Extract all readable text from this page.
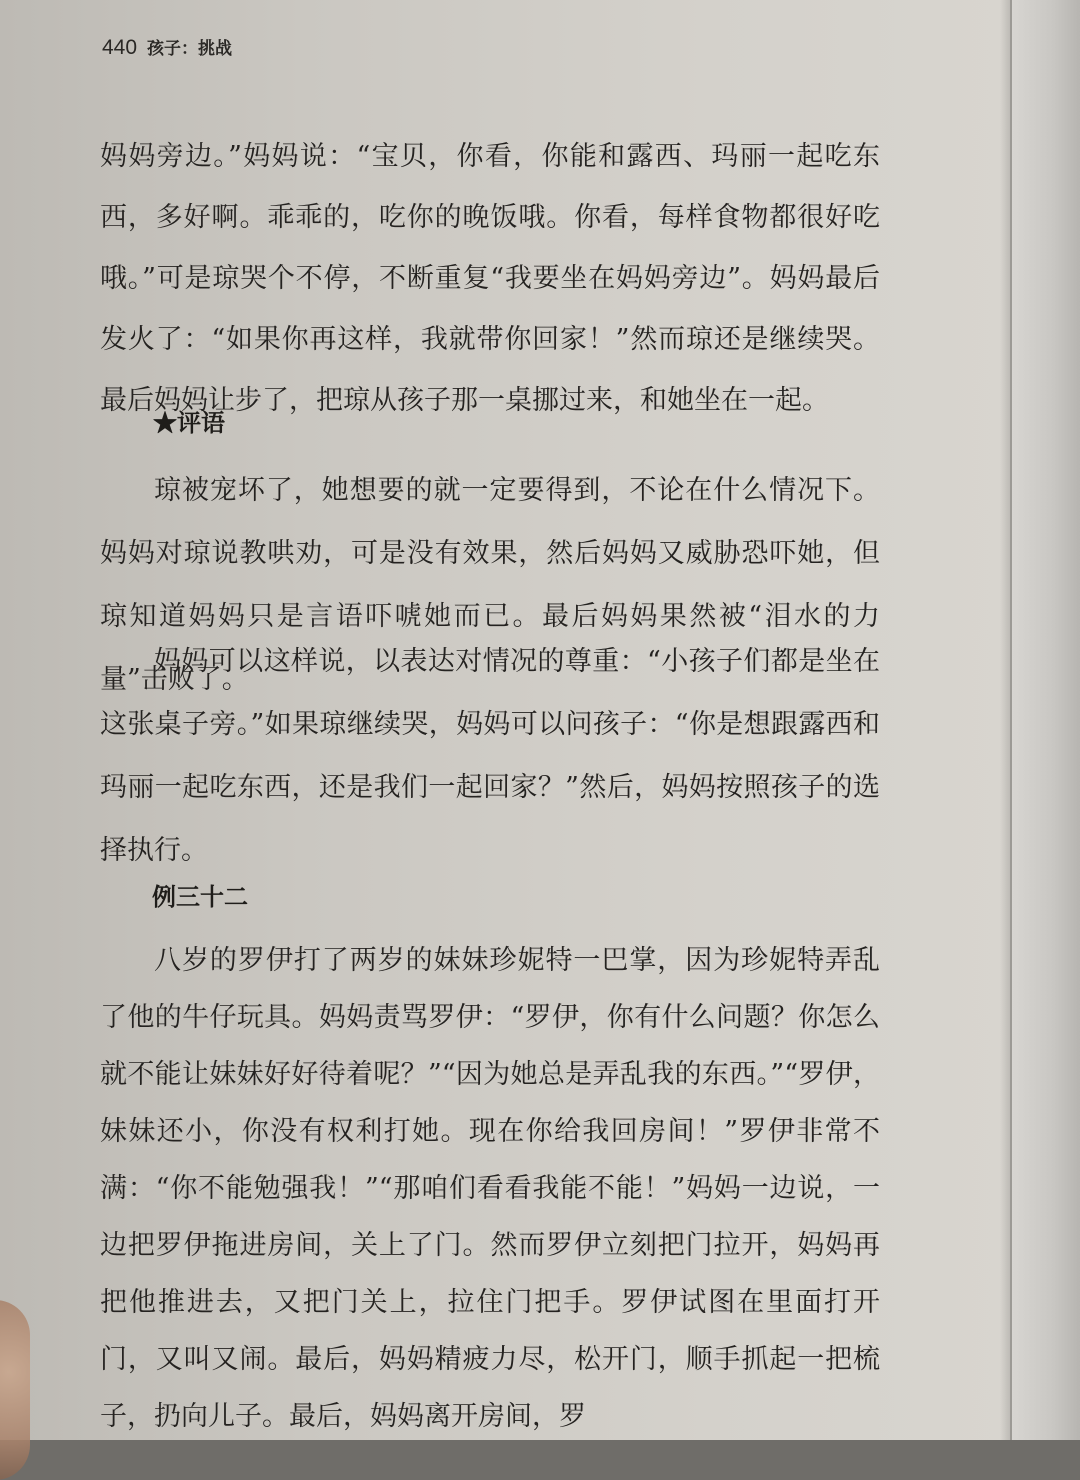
440 孩子：挑战

妈妈旁边。”妈妈说：“宝贝，你看，你能和露西、玛丽一起吃东西，多好啊。乖乖的，吃你的晚饭哦。你看，每样食物都很好吃哦。”可是琼哭个不停，不断重复“我要坐在妈妈旁边”。妈妈最后发火了：“如果你再这样，我就带你回家！”然而琼还是继续哭。最后妈妈让步了，把琼从孩子那一桌挪过来，和她坐在一起。

★评语

琼被宠坏了，她想要的就一定要得到，不论在什么情况下。妈妈对琼说教哄劝，可是没有效果，然后妈妈又威胁恐吓她，但琼知道妈妈只是言语吓唬她而已。最后妈妈果然被“泪水的力量”击败了。

妈妈可以这样说，以表达对情况的尊重：“小孩子们都是坐在这张桌子旁。”如果琼继续哭，妈妈可以问孩子：“你是想跟露西和玛丽一起吃东西，还是我们一起回家？”然后，妈妈按照孩子的选择执行。

例三十二

八岁的罗伊打了两岁的妹妹珍妮特一巴掌，因为珍妮特弄乱了他的牛仔玩具。妈妈责骂罗伊：“罗伊，你有什么问题？你怎么就不能让妹妹好好待着呢？”“因为她总是弄乱我的东西。”“罗伊，妹妹还小，你没有权利打她。现在你给我回房间！”罗伊非常不满：“你不能勉强我！”“那咱们看看我能不能！”妈妈一边说，一边把罗伊拖进房间，关上了门。然而罗伊立刻把门拉开，妈妈再把他推进去，又把门关上，拉住门把手。罗伊试图在里面打开门，又叫又闹。最后，妈妈精疲力尽，松开门，顺手抓起一把梳子，扔向儿子。最后，妈妈离开房间，罗
